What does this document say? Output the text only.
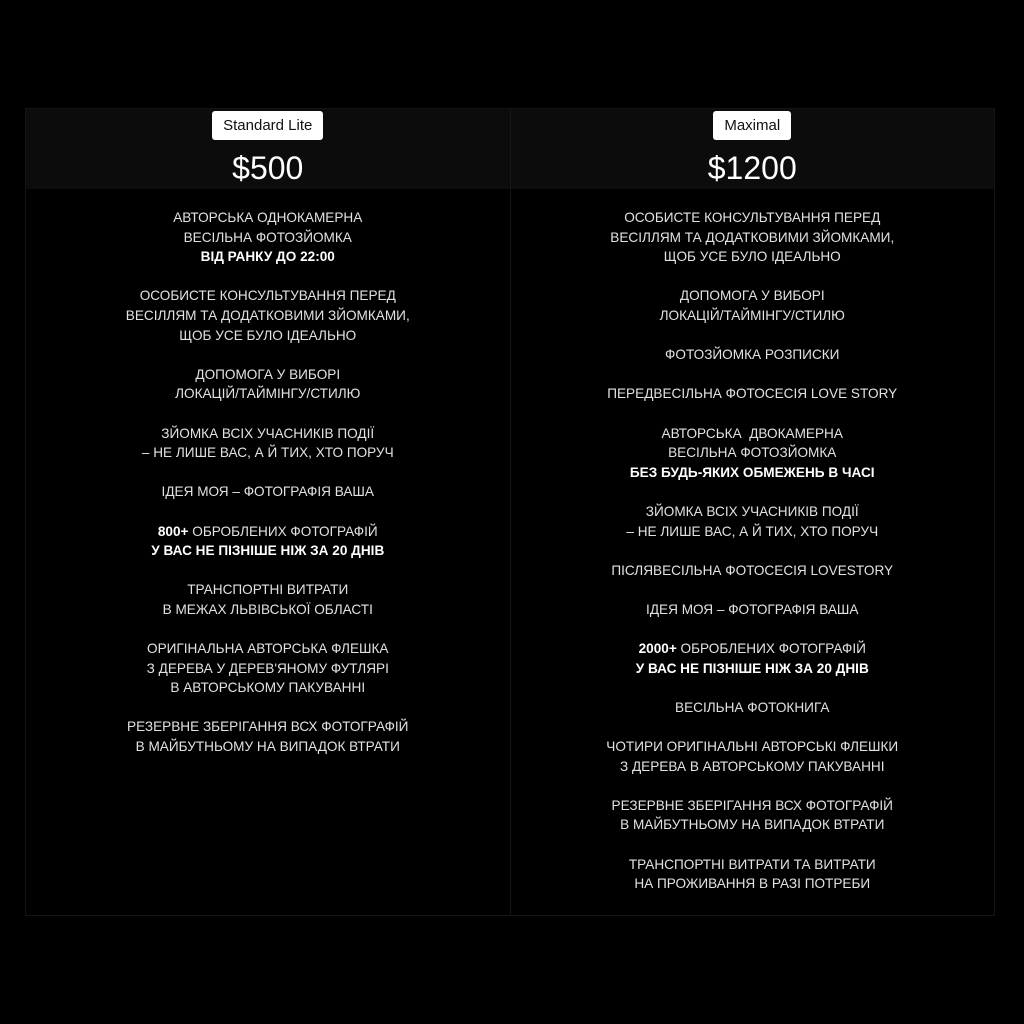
Standard Lite
$500
АВТОРСЬКА ОДНОКАМЕРНА
ВЕСІЛЬНА ФОТОЗЙОМКА
ВІД РАНКУ ДО 22:00
ОСОБИСТЕ КОНСУЛЬТУВАННЯ ПЕРЕД
ВЕСІЛЛЯМ ТА ДОДАТКОВИМИ ЗЙОМКАМИ,
ЩОБ УСЕ БУЛО ІДЕАЛЬНО
ДОПОМОГА У ВИБОРІ
ЛОКАЦІЙ/ТАЙМІНГУ/СТИЛЮ
ЗЙОМКА ВСІХ УЧАСНИКІВ ПОДІЇ
– НЕ ЛИШЕ ВАС, А Й ТИХ, ХТО ПОРУЧ
ІДЕЯ МОЯ – ФОТОГРАФІЯ ВАША
800+ ОБРОБЛЕНИХ ФОТОГРАФІЙ
У ВАС НЕ ПІЗНІШЕ НІЖ ЗА 20 ДНІВ
ТРАНСПОРТНІ ВИТРАТИ
В МЕЖАХ ЛЬВІВСЬКОЇ ОБЛАСТІ
ОРИГІНАЛЬНА АВТОРСЬКА ФЛЕШКА
З ДЕРЕВА У ДЕРЕВ'ЯНОМУ ФУТЛЯРІ
В АВТОРСЬКОМУ ПАКУВАННІ
РЕЗЕРВНЕ ЗБЕРІГАННЯ ВСХ ФОТОГРАФІЙ
В МАЙБУТНЬОМУ НА ВИПАДОК ВТРАТИ
Maximal
$1200
ОСОБИСТЕ КОНСУЛЬТУВАННЯ ПЕРЕД
ВЕСІЛЛЯМ ТА ДОДАТКОВИМИ ЗЙОМКАМИ,
ЩОБ УСЕ БУЛО ІДЕАЛЬНО
ДОПОМОГА У ВИБОРІ
ЛОКАЦІЙ/ТАЙМІНГУ/СТИЛЮ
ФОТОЗЙОМКА РОЗПИСКИ
ПЕРЕДВЕСІЛЬНА ФОТОСЕСІЯ LOVE STORY
АВТОРСЬКА  ДВОКАМЕРНА
ВЕСІЛЬНА ФОТОЗЙОМКА
БЕЗ БУДЬ-ЯКИХ ОБМЕЖЕНЬ В ЧАСІ
ЗЙОМКА ВСІХ УЧАСНИКІВ ПОДІЇ
– НЕ ЛИШЕ ВАС, А Й ТИХ, ХТО ПОРУЧ
ПІСЛЯВЕСІЛЬНА ФОТОСЕСІЯ LOVESTORY
ІДЕЯ МОЯ – ФОТОГРАФІЯ ВАША
2000+ ОБРОБЛЕНИХ ФОТОГРАФІЙ
У ВАС НЕ ПІЗНІШЕ НІЖ ЗА 20 ДНІВ
ВЕСІЛЬНА ФОТОКНИГА
ЧОТИРИ ОРИГІНАЛЬНІ АВТОРСЬКІ ФЛЕШКИ
З ДЕРЕВА В АВТОРСЬКОМУ ПАКУВАННІ
РЕЗЕРВНЕ ЗБЕРІГАННЯ ВСХ ФОТОГРАФІЙ
В МАЙБУТНЬОМУ НА ВИПАДОК ВТРАТИ
ТРАНСПОРТНІ ВИТРАТИ ТА ВИТРАТИ
НА ПРОЖИВАННЯ В РАЗІ ПОТРЕБИ
